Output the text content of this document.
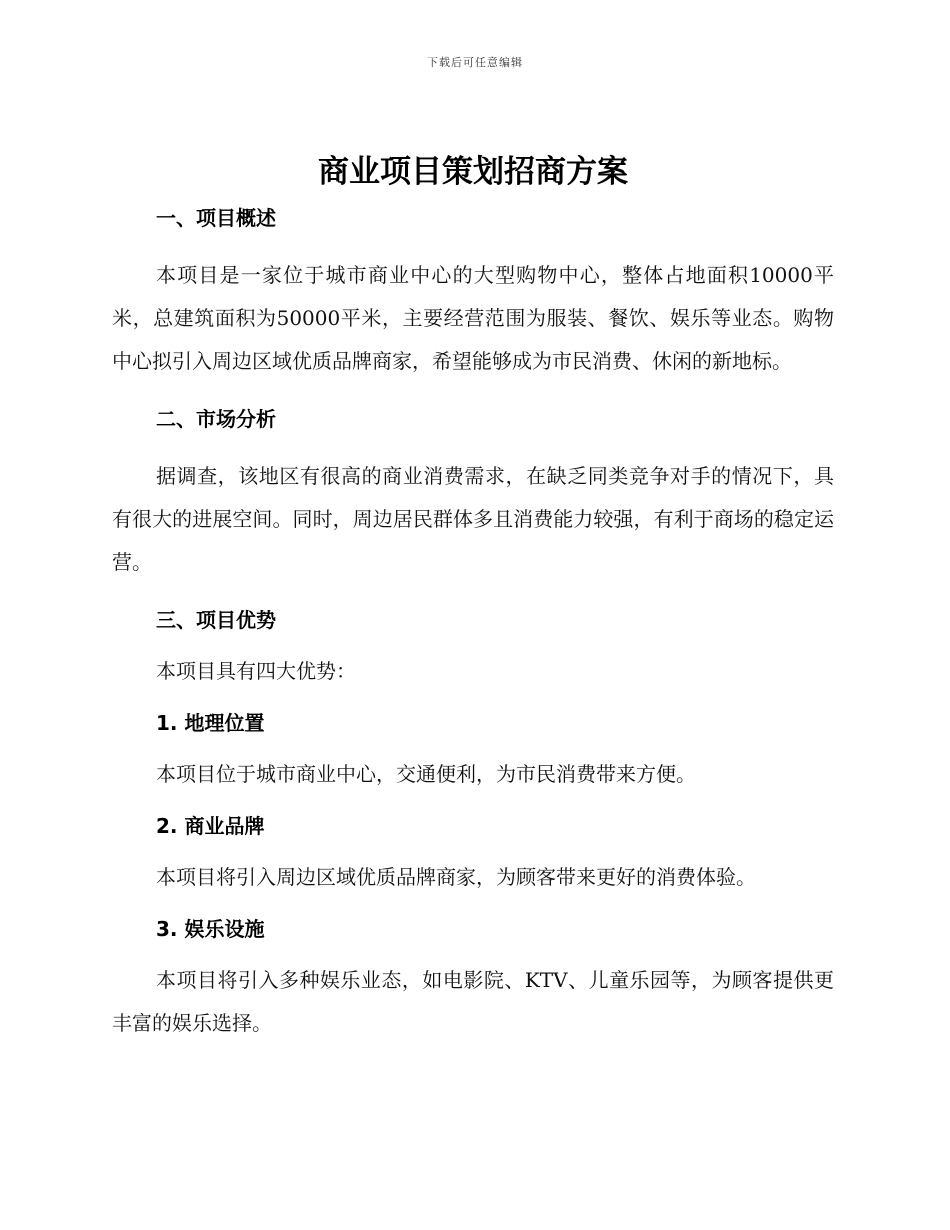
下载后可任意编辑
商业项目策划招商方案
一、项目概述

本项目是一家位于城市商业中心的大型购物中心，整体占地面积10000平米，总建筑面积为50000平米，主要经营范围为服装、餐饮、娱乐等业态。购物中心拟引入周边区域优质品牌商家，希望能够成为市民消费、休闲的新地标。

二、市场分析

据调查，该地区有很高的商业消费需求，在缺乏同类竞争对手的情况下，具有很大的进展空间。同时，周边居民群体多且消费能力较强，有利于商场的稳定运营。

三、项目优势

本项目具有四大优势：

1. 地理位置

本项目位于城市商业中心，交通便利，为市民消费带来方便。

2. 商业品牌

本项目将引入周边区域优质品牌商家，为顾客带来更好的消费体验。

3. 娱乐设施

本项目将引入多种娱乐业态，如电影院、KTV、儿童乐园等，为顾客提供更丰富的娱乐选择。
